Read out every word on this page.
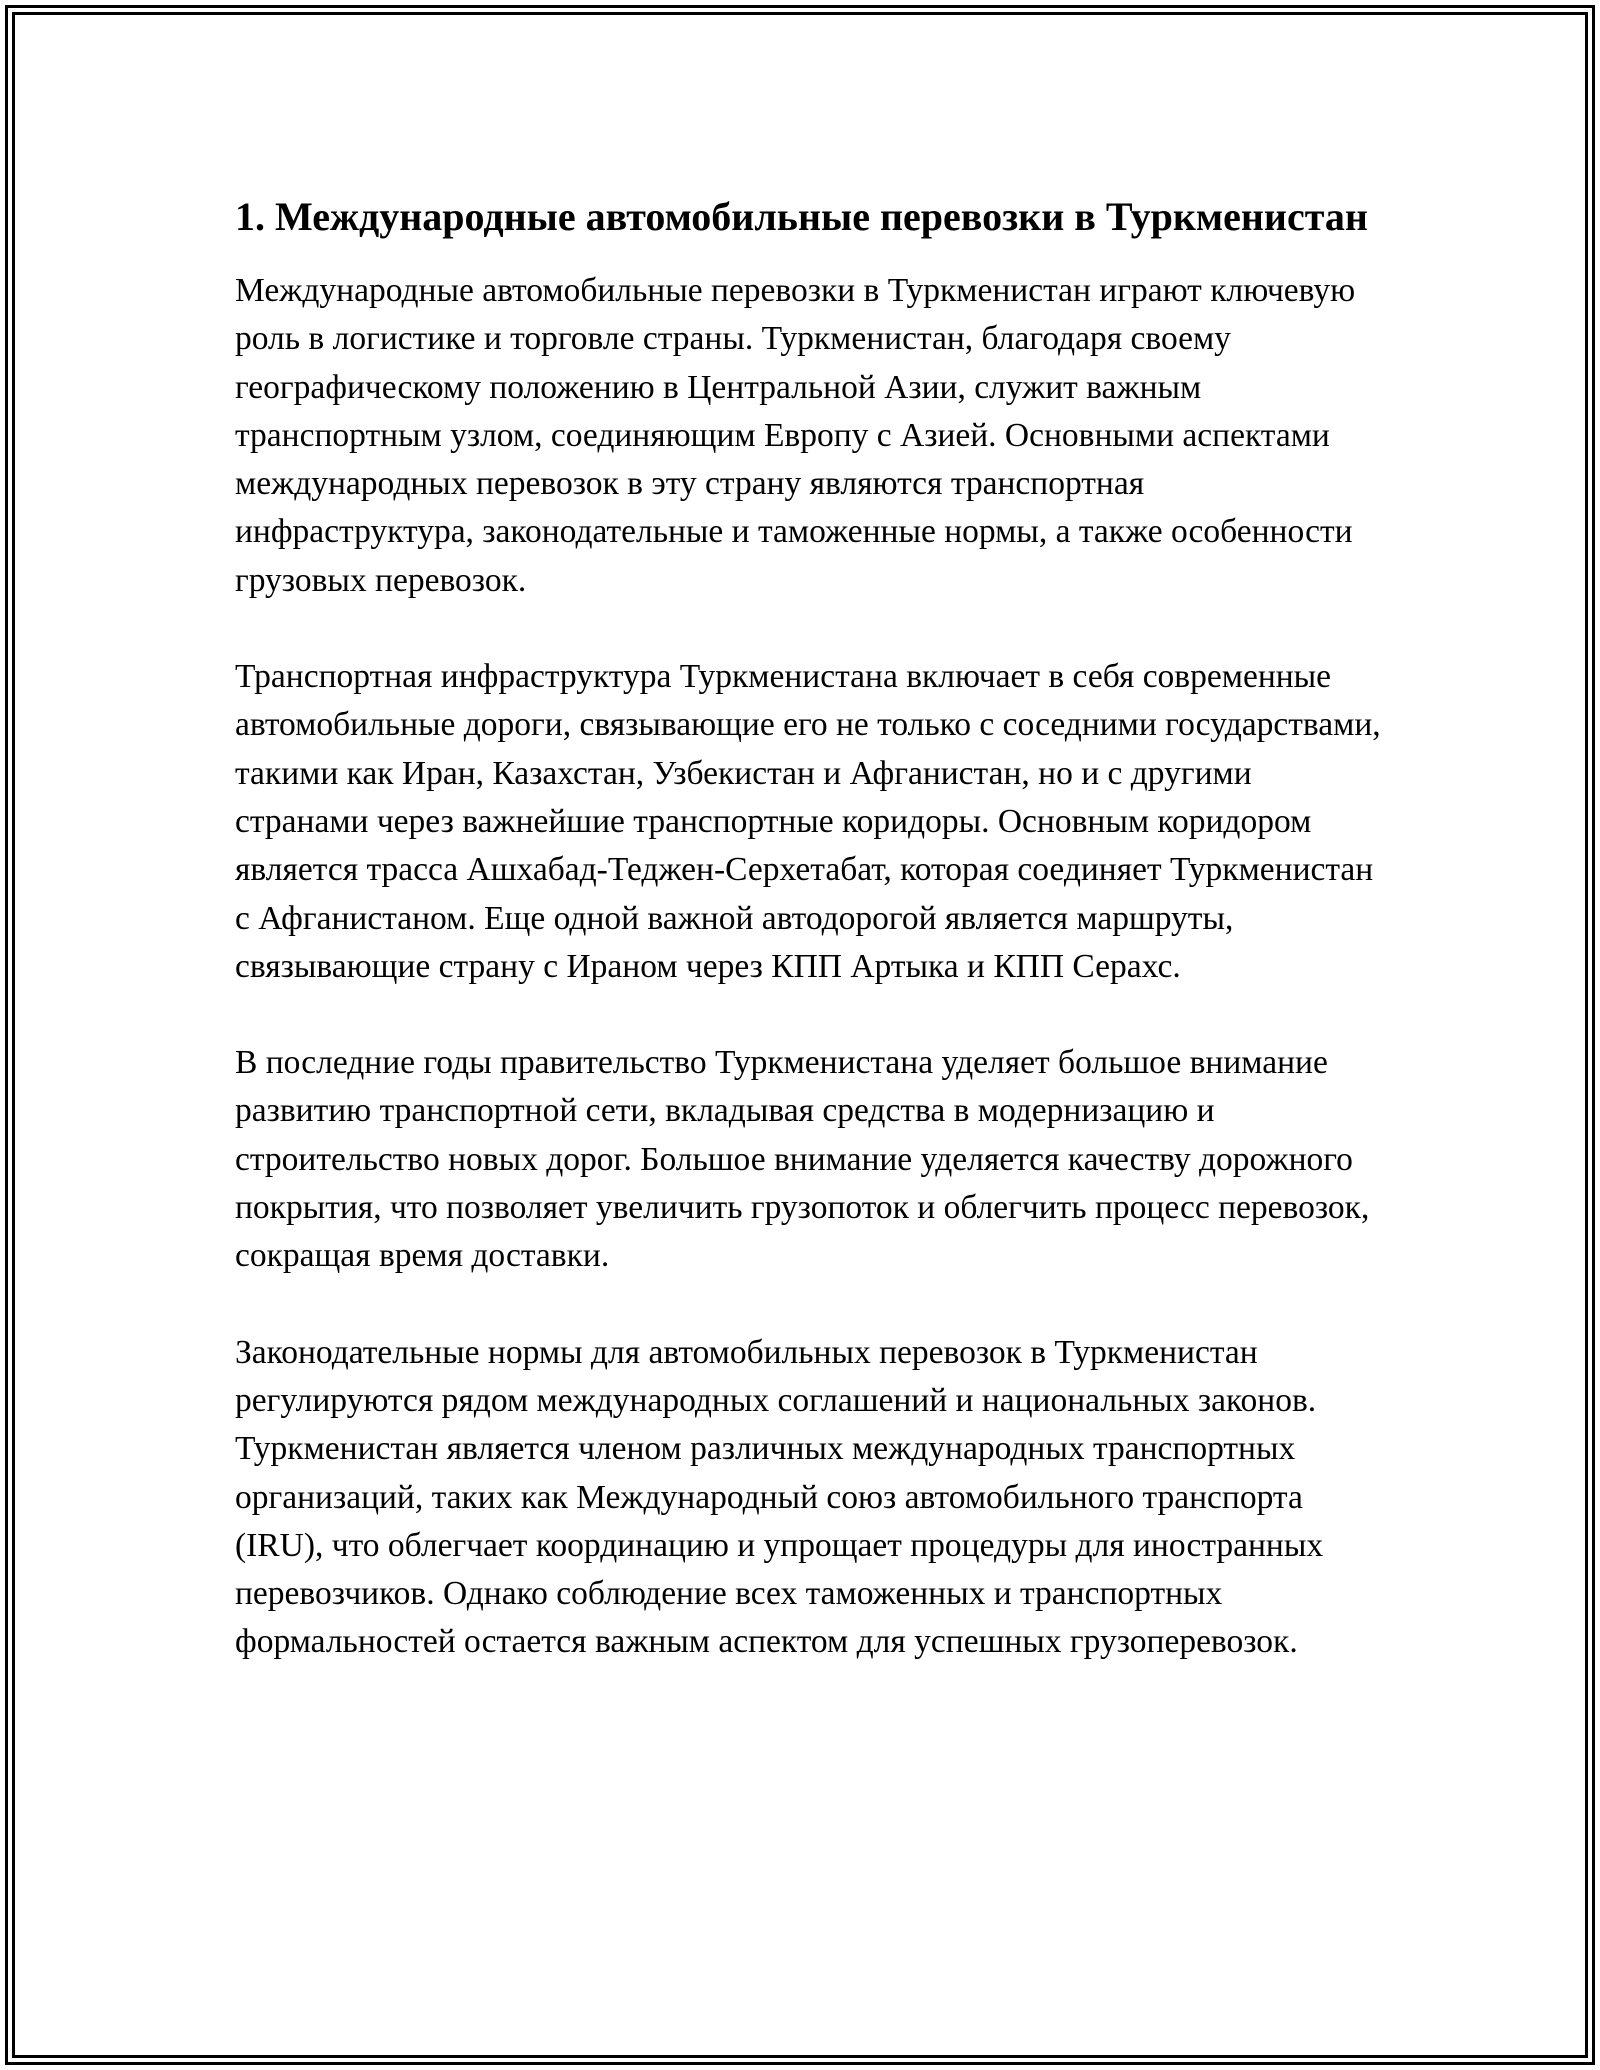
1. Международные автомобильные перевозки в Туркменистан

Международные автомобильные перевозки в Туркменистан играют ключевую роль в логистике и торговле страны. Туркменистан, благодаря своему географическому положению в Центральной Азии, служит важным транспортным узлом, соединяющим Европу с Азией. Основными аспектами международных перевозок в эту страну являются транспортная инфраструктура, законодательные и таможенные нормы, а также особенности грузовых перевозок.

Транспортная инфраструктура Туркменистана включает в себя современные автомобильные дороги, связывающие его не только с соседними государствами, такими как Иран, Казахстан, Узбекистан и Афганистан, но и с другими странами через важнейшие транспортные коридоры. Основным коридором является трасса Ашхабад-Теджен-Серхетабат, которая соединяет Туркменистан с Афганистаном. Еще одной важной автодорогой является маршруты, связывающие страну с Ираном через КПП Артыка и КПП Серахс.

В последние годы правительство Туркменистана уделяет большое внимание развитию транспортной сети, вкладывая средства в модернизацию и строительство новых дорог. Большое внимание уделяется качеству дорожного покрытия, что позволяет увеличить грузопоток и облегчить процесс перевозок, сокращая время доставки.

Законодательные нормы для автомобильных перевозок в Туркменистан регулируются рядом международных соглашений и национальных законов. Туркменистан является членом различных международных транспортных организаций, таких как Международный союз автомобильного транспорта (IRU), что облегчает координацию и упрощает процедуры для иностранных перевозчиков. Однако соблюдение всех таможенных и транспортных формальностей остается важным аспектом для успешных грузоперевозок.
